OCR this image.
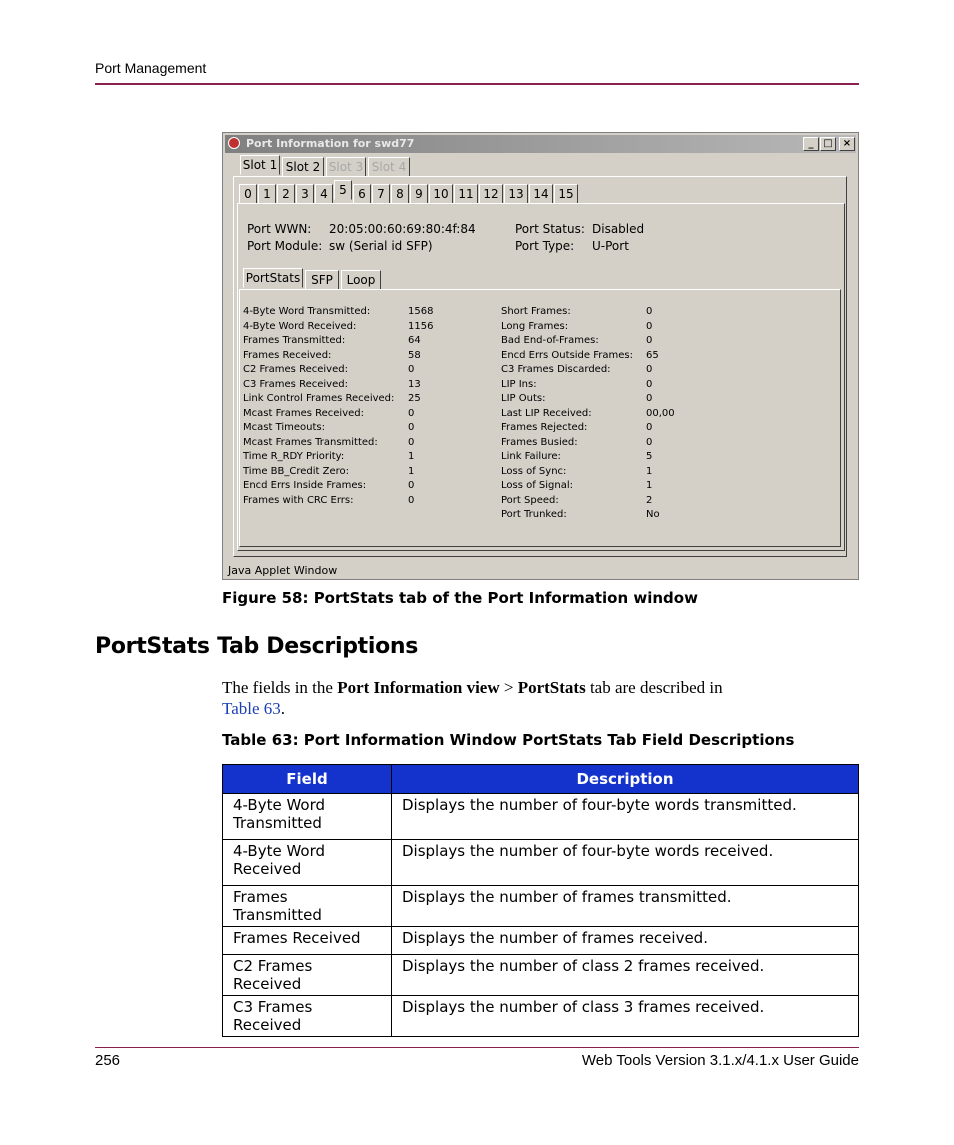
Port Management
Port Information for swd77	_ □	×
Slot 1 Slot 2 Slot 3 Slot 4
0 1 2 3 4 5 6 7 8 9 10 11 12 13 14 15
Port WWN: 20:05:00:60:69:80:4f:84
Port Module: sw (Serial id SFP)
Port Status: Disabled
Port Type: U-Port
PortStats SFP	Loop
4-Byte Word Transmitted:	1568
4-Byte Word Received:	1156
Frames Transmitted:	64
Frames Received:	58
C2 Frames Received:	0
C3 Frames Received:	13
Link Control Frames Received: 25
Mcast Frames Received:	0
Mcast Timeouts:	0
Mcast Frames Transmitted:	0
Time R_RDY Priority:	1
Time BB_Credit Zero:	1
Encd Errs Inside Frames:	0
Frames with CRC Errs:	0
Short Frames:	0
Long Frames:	0
Bad End-of-Frames:	0
Encd Errs Outside Frames: 65
C3 Frames Discarded:	0
LIP Ins:	0
LIP Outs:	0
Last LIP Received:	00,00
Frames Rejected:	0
Frames Busied:	0
Link Failure:	5
Loss of Sync:	1
Loss of Signal:	1
Port Speed:	2
Port Trunked:	No
Java Applet Window
Figure 58: PortStats tab of the Port Information window
PortStats Tab Descriptions
The fields in the Port Information view > PortStats tab are described in
Table 63.
Table 63: Port Information Window PortStats Tab Field Descriptions
Field	Description
4-Byte Word Transmitted	Displays the number of four-byte words transmitted.
4-Byte Word Received	Displays the number of four-byte words received.
Frames Transmitted	Displays the number of frames transmitted.
Frames Received	Displays the number of frames received.
C2 Frames Received	Displays the number of class 2 frames received.
C3 Frames Received	Displays the number of class 3 frames received.
256	Web Tools Version 3.1.x/4.1.x User Guide
